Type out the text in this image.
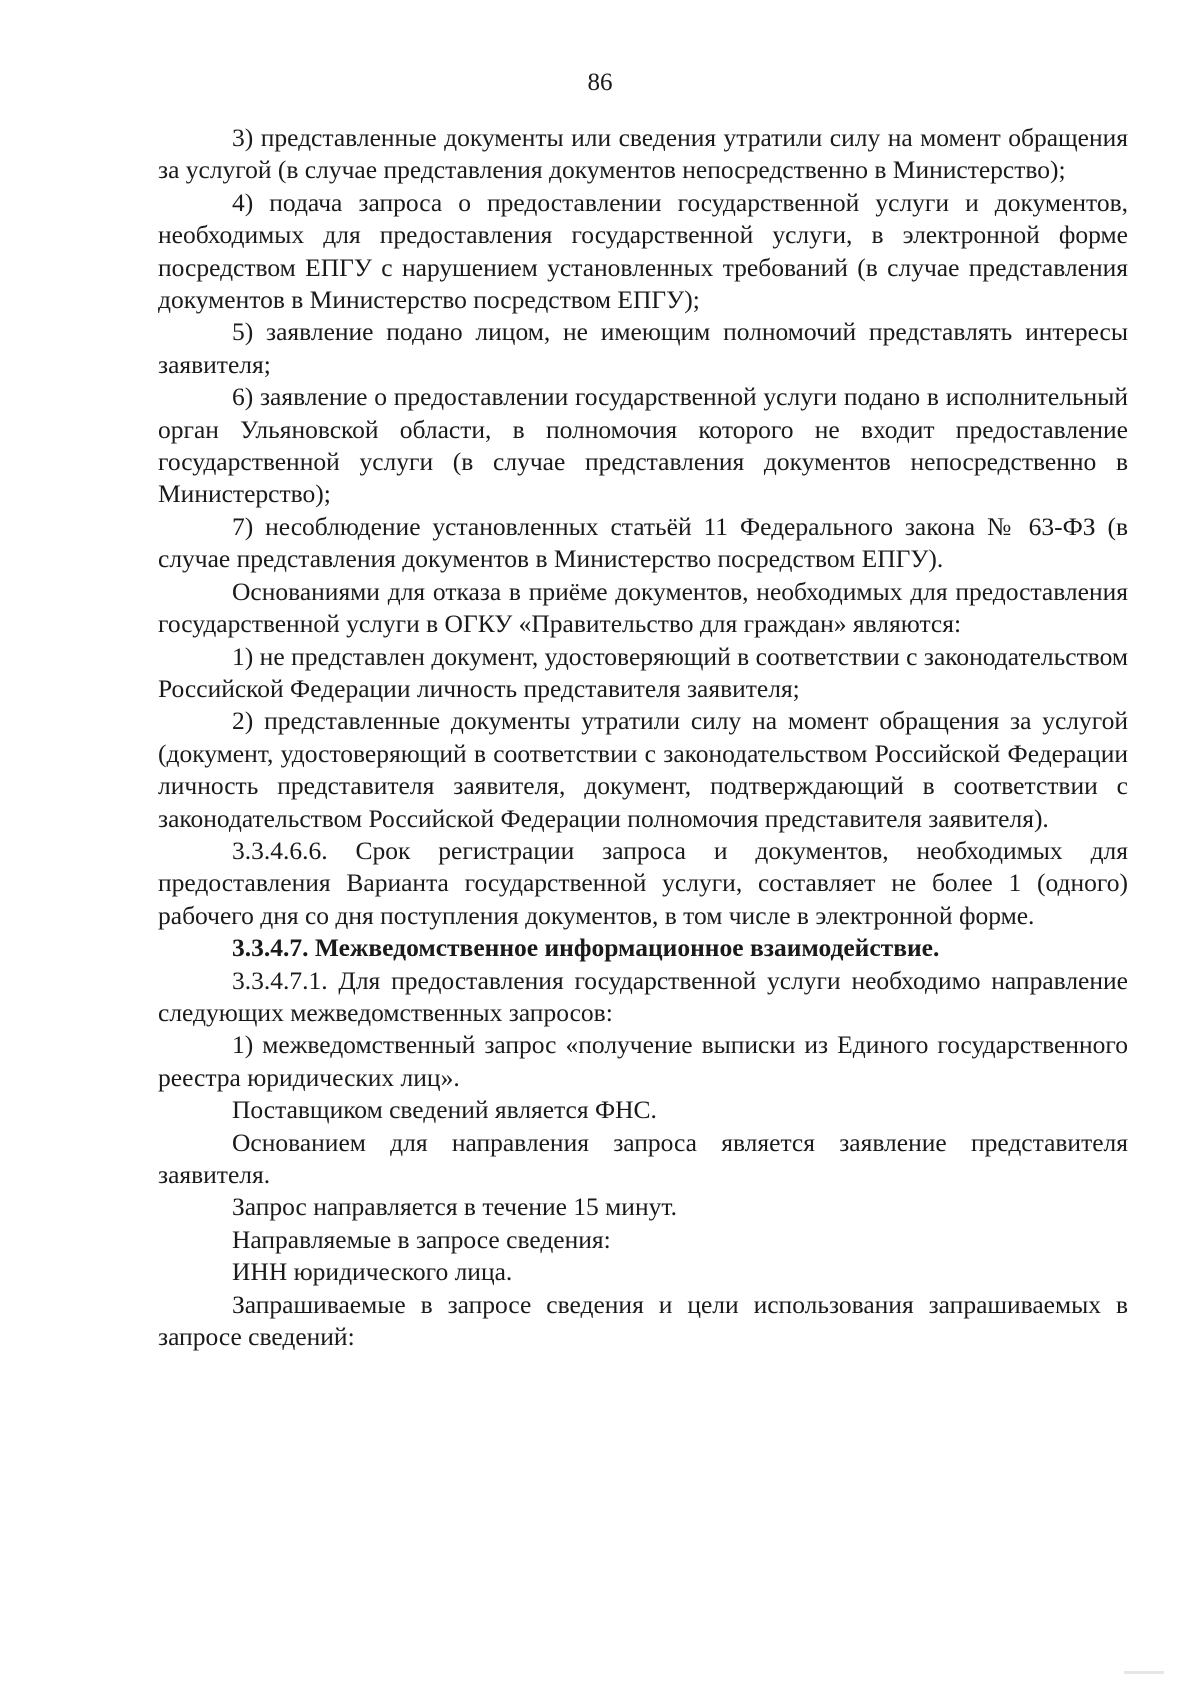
86

3) представленные документы или сведения утратили силу на момент обращения за услугой (в случае представления документов непосредственно в Министерство);

4) подача запроса о предоставлении государственной услуги и документов, необходимых для предоставления государственной услуги, в электронной форме посредством ЕПГУ с нарушением установленных требований (в случае представления документов в Министерство посредством ЕПГУ);

5) заявление подано лицом, не имеющим полномочий представлять интересы заявителя;

6) заявление о предоставлении государственной услуги подано в исполнительный орган Ульяновской области, в полномочия которого не входит предоставление государственной услуги (в случае представления документов непосредственно в Министерство);

7) несоблюдение установленных статьёй 11 Федерального закона № 63-ФЗ (в случае представления документов в Министерство посредством ЕПГУ).

Основаниями для отказа в приёме документов, необходимых для предоставления государственной услуги в ОГКУ «Правительство для граждан» являются:

1) не представлен документ, удостоверяющий в соответствии с законодательством Российской Федерации личность представителя заявителя;

2) представленные документы утратили силу на момент обращения за услугой (документ, удостоверяющий в соответствии с законодательством Российской Федерации личность представителя заявителя, документ, подтверждающий в соответствии с законодательством Российской Федерации полномочия представителя заявителя).

3.3.4.6.6. Срок регистрации запроса и документов, необходимых для предоставления Варианта государственной услуги, составляет не более 1 (одного) рабочего дня со дня поступления документов, в том числе в электронной форме.

3.3.4.7. Межведомственное информационное взаимодействие.

3.3.4.7.1. Для предоставления государственной услуги необходимо направление следующих межведомственных запросов:

1) межведомственный запрос «получение выписки из Единого государственного реестра юридических лиц».

Поставщиком сведений является ФНС.

Основанием для направления запроса является заявление представителя заявителя.

Запрос направляется в течение 15 минут.

Направляемые в запросе сведения:

ИНН юридического лица.

Запрашиваемые в запросе сведения и цели использования запрашиваемых в запросе сведений:
